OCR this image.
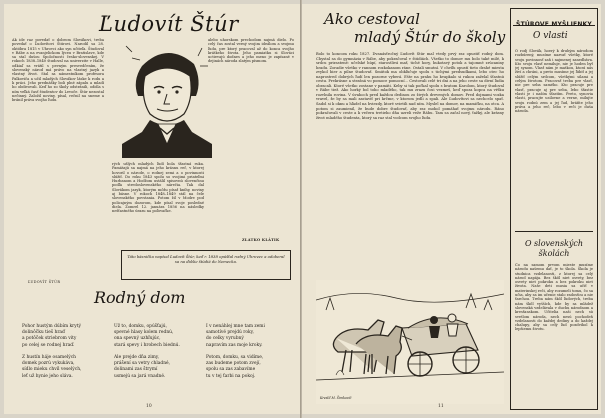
Ľudovít Štúr
Ak ide raz povedať o dobrom Slovákovi, treba povedať o Ľudovítovi Štúrovi. Narodil sa 28. októbra 1815 v Uhrovci ako syn učiteľa. Študoval v Rábe a na evanjelickom lýceu v Bratislave, kde sa stal dušou Spoločnosti česko-slovenskej. V rokoch 1838–1840 študoval na univerzite v Halle, odkiaľ sa vrátil s pevným presvedčením, že slovenský národ má právo na vlastný jazyk a vlastný život. Stal sa námestníkom profesora Palkoviča a učil mladých Slovákov láske k rodu a k práci. Jeho prednášky boli plné zápalu a mladí ho obdivovali. Keď ho zo školy odstránili, odišla s ním veľká časť študentov do Levoče. Štúr nezostal nečinný. Založil noviny, písal, rečnil na sneme a bránil práva svojho ľudu.
rých ušlých mladých ľudí bola šťastná ruka. Pamätajú sa najmä na jeho krásnu reč, v ktorej hovoril o národe, o rodnej zemi a o povinnosti slúžiť. Do roku 1843 spolu so svojimi priateľmi Hurbanom a Hodžom ustálil spisovnú slovenčinu podľa stredoslovenského nárečia. Tak dal Slovákom jazyk, ktorým môžu písať knihy, noviny aj básne. V rokoch 1848–1849 stál na čele slovenského povstania. Potom žil v Modre pod policajným dozorom, kde písal svoje posledné diela. Zomrel 12. januára 1856 na následky nešťastného úrazu na poľovačke.
alebo uhorskom prechodom najmä dielo. Po celý čas zostal verný svojim ideálom a svojmu ľudu, pre ktorý pracoval až do konca svojho krátkeho života. Jeho pamiatku si Slováci uctievajú dodnes a jeho meno je zapísané v dejinách národa zlatým písmom.
ZLATKO KLÁTIK
ĽUDOVÍT ŠTÚR
Táto básnička napísal Ľudovít Štúr, keď r. 1838 opúšťal rodný Uhrovec a odoberal sa na ďalšie štúdiá do Nemecka.
Rodný dom
Pohor hustým dúbím krytý
dolinôčku tieš hraď
a potôček striebrom vity
po celej se rodnej hraď.

Z hustín háje osamelých
domek pozrú vykukáva,
sídlo mieku chvíl veselých,
leť už hynie jeho sláva.
Už to, domku, opúšťajú,
spevné hlasy kolem rednú,
ona spevný uzhľujúc,
stará spevy i hrobech biednú.

Ale prejde dňa zimy,
prášení sa vetry chladné,
dolinami zas štrymí
usmejú sa jará vnadné.
I v nenáhlej mne tam zemi
samotívé prejdú roky,
do celky vyrubný
napravím zas moje kroky.

Potom, domku, sa vidíme,
zas budeme potom zvejí,
spolu sa zas zabavíme
tu v tej ťarbi na pokoj.
10
Ako cestoval
mladý Štúr do školy
Bolo to koncom roku 1827. Dvanásťročný Ľudovít Štúr mal vtedy prvý raz opustiť rodný dom. Chystal sa do gymnázia v Rábe, aby pokračoval v štúdiách. Všetko to domov mu bolo také milé, k srdcu prirastené: učelské húpí, starostlivá mať, tiché hory, hukotavý potok a tajomné zrúcaniny hradu. Zoradie všetko v rannom rozkokanom ráne. Ostali smutní. V chvíľu opustí tieto drahé miesta zvykol hier a pilne študovať. Smútok ma obkľučuje spolu s tichými predsudkami, lebo otec ho naprostred dobrých ľudí len pozorne vyberá. Ešte na prahu ho kvapkalo si rukou zaželal šťastnú cestu. Prekrásne a strašná vo pomoce pomocní... Cestovali celé tri dni a na jeho ceste sa divní ľudia obracali. Ktoré všetko zostane v pamäti. Keby si tak počkal spolu s bratom Karolom, ktorý študoval v Rábe tiež. Ako horký bol toho mladého, tak mu zrazu čosi vezmeš, keď spoza kopca na vŕšku rozvlnila rovina. V úvahoch pred každou dedinou zo živých drevených domov. Pred dojmami vozka vravel, že by sa mali zastaviť pri krčme, v ktorom jedli a spali. Ale Ľudovítovi sa nechcelo spať. Sadol si k oknu a hľadel na hviezdy, ktoré svietili nad ním. Myslel na domov, na mamičku, na otca. A potom si zaumienil, že bude dobre študovať, aby raz mohol pomáhať svojmu národu. Ráno pokračovali v ceste a k večeru tretieho dňa uzreli veže Rábu. Tam sa začal nový, ťažký, ale krásny život mladého študenta, ktorý sa raz stal vodcom svojho ľudu.
Kreslil M. Šimkovič
11
ŠTÚROVE MYŠLIENKY
O vlasti
O rodj Slovák, hoerý k druhým národom rozbúrený, musíme nazvať všetky, ktoré svoju povinnosť zaň i najmenej zanedbáva. Kto svoju vlasť nemiluje, nie je hoden byť jej synom. Vlasť nám je matkou, ktorá nás živí a chráni, a preto musíme jej ľúbiť a jej slúžiť celým srdcom, všetkými silami a celým životom. Pracovať treba pre vlasť, nie pre seba samého. Kto pracuje pre vlasť, pracuje aj pre seba, lebo šťastie vlasti je i naším šťastím. Preto, synovia vlasti, pracujte usilovne a verne, milujte svoju rodnú zem a jej ľud, bráňte jeho práva a jeho reč, lebo v reči je duša národa.
O slovenských školách
Čo na samom prvom mieste musíme národu našemu dať, je to škola. Škola je studnica vzdelanosti, z ktorej sa celý národ napája. Bez škôl niet osvety, bez osvety niet pokroku a bez pokroku niet života. Naše deti musia sa učiť v materinskej reči, aby rozumeli tomu, čo sa učia, aby sa im učenie stalo radosťou a nie ťarchou. Treba nám škôl ľudových, treba nám škôl vyšších, kde by sa mládež slovenská vzdelávala v duchu národnom a kresťanskom. Učitelia naši nech sú svetlom národa, nech nesú pochodeň vzdelanosti do každej dediny a do každej chalupy, aby sa celý ľud pozdvihol k lepšiemu životu.
